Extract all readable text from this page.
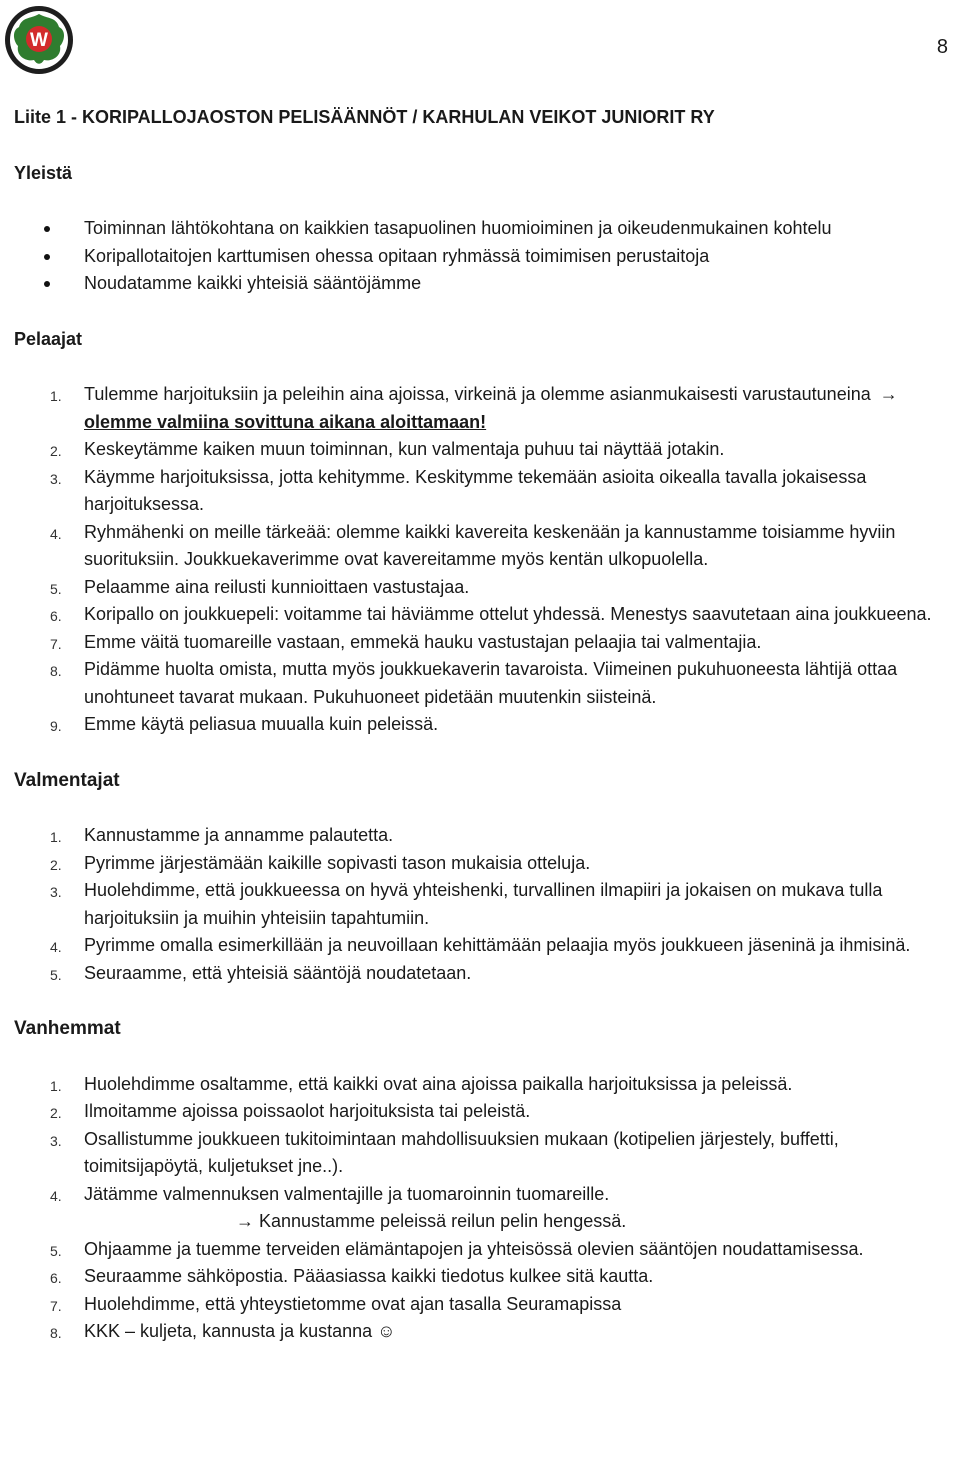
W	8
Liite 1 - KORIPALLOJAOSTON PELISÄÄNNÖT / KARHULAN VEIKOT JUNIORIT RY
Yleistä
Toiminnan lähtökohtana on kaikkien tasapuolinen huomioiminen ja oikeudenmukainen kohtelu
Koripallotaitojen karttumisen ohessa opitaan ryhmässä toimimisen perustaitoja
Noudatamme kaikki yhteisiä sääntöjämme
Pelaajat
1. Tulemme harjoituksiin ja peleihin aina ajoissa, virkeinä ja olemme asianmukaisesti varustautuneina → olemme valmiina sovittuna aikana aloittamaan!
2. Keskeytämme kaiken muun toiminnan, kun valmentaja puhuu tai näyttää jotakin.
3. Käymme harjoituksissa, jotta kehitymme. Keskitymme tekemään asioita oikealla tavalla jokaisessa harjoituksessa.
4. Ryhmähenki on meille tärkeää: olemme kaikki kavereita keskenään ja kannustamme toisiamme hyviin suorituksiin. Joukkuekaverimme ovat kavereitamme myös kentän ulkopuolella.
5. Pelaamme aina reilusti kunnioittaen vastustajaa.
6. Koripallo on joukkuepeli: voitamme tai häviämme ottelut yhdessä. Menestys saavutetaan aina joukkueena.
7. Emme väitä tuomareille vastaan, emmekä hauku vastustajan pelaajia tai valmentajia.
8. Pidämme huolta omista, mutta myös joukkuekaverin tavaroista. Viimeinen pukuhuoneesta lähtijä ottaa unohtuneet tavarat mukaan. Pukuhuoneet pidetään muutenkin siisteinä.
9. Emme käytä peliasua muualla kuin peleissä.
Valmentajat
1. Kannustamme ja annamme palautetta.
2. Pyrimme järjestämään kaikille sopivasti tason mukaisia otteluja.
3. Huolehdimme, että joukkueessa on hyvä yhteishenki, turvallinen ilmapiiri ja jokaisen on mukava tulla harjoituksiin ja muihin yhteisiin tapahtumiin.
4. Pyrimme omalla esimerkillään ja neuvoillaan kehittämään pelaajia myös joukkueen jäseninä ja ihmisinä.
5. Seuraamme, että yhteisiä sääntöjä noudatetaan.
Vanhemmat
1. Huolehdimme osaltamme, että kaikki ovat aina ajoissa paikalla harjoituksissa ja peleissä.
2. Ilmoitamme ajoissa poissaolot harjoituksista tai peleistä.
3. Osallistumme joukkueen tukitoimintaan mahdollisuuksien mukaan (kotipelien järjestely, buffetti, toimitsijapöytä, kuljetukset jne..).
4. Jätämme valmennuksen valmentajille ja tuomaroinnin tuomareille.
→ Kannustamme peleissä reilun pelin hengessä.
5. Ohjaamme ja tuemme terveiden elämäntapojen ja yhteisössä olevien sääntöjen noudattamisessa.
6. Seuraamme sähköpostia. Pääasiassa kaikki tiedotus kulkee sitä kautta.
7. Huolehdimme, että yhteystietomme ovat ajan tasalla Seuramapissa
8. KKK – kuljeta, kannusta ja kustanna ☺
